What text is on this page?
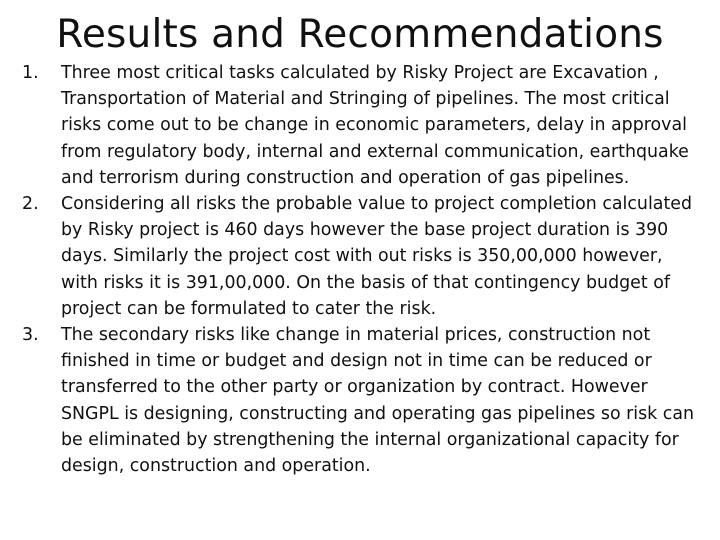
Results and Recommendations
1. Three most critical tasks calculated by Risky Project are Excavation , Transportation of Material and Stringing of pipelines. The most critical risks come out to be change in economic parameters, delay in approval from regulatory body, internal and external communication, earthquake and terrorism during construction and operation of gas pipelines.
2. Considering all risks the probable value to project completion calculated by Risky project is 460 days however the base project duration is 390 days. Similarly the project cost with out risks is 350,00,000 however, with risks it is 391,00,000. On the basis of that contingency budget of project can be formulated to cater the risk.
3. The secondary risks like change in material prices, construction not finished in time or budget and design not in time can be reduced or transferred to the other party or organization by contract. However SNGPL is designing, constructing and operating gas pipelines so risk can be eliminated by strengthening the internal organizational capacity for design, construction and operation.
